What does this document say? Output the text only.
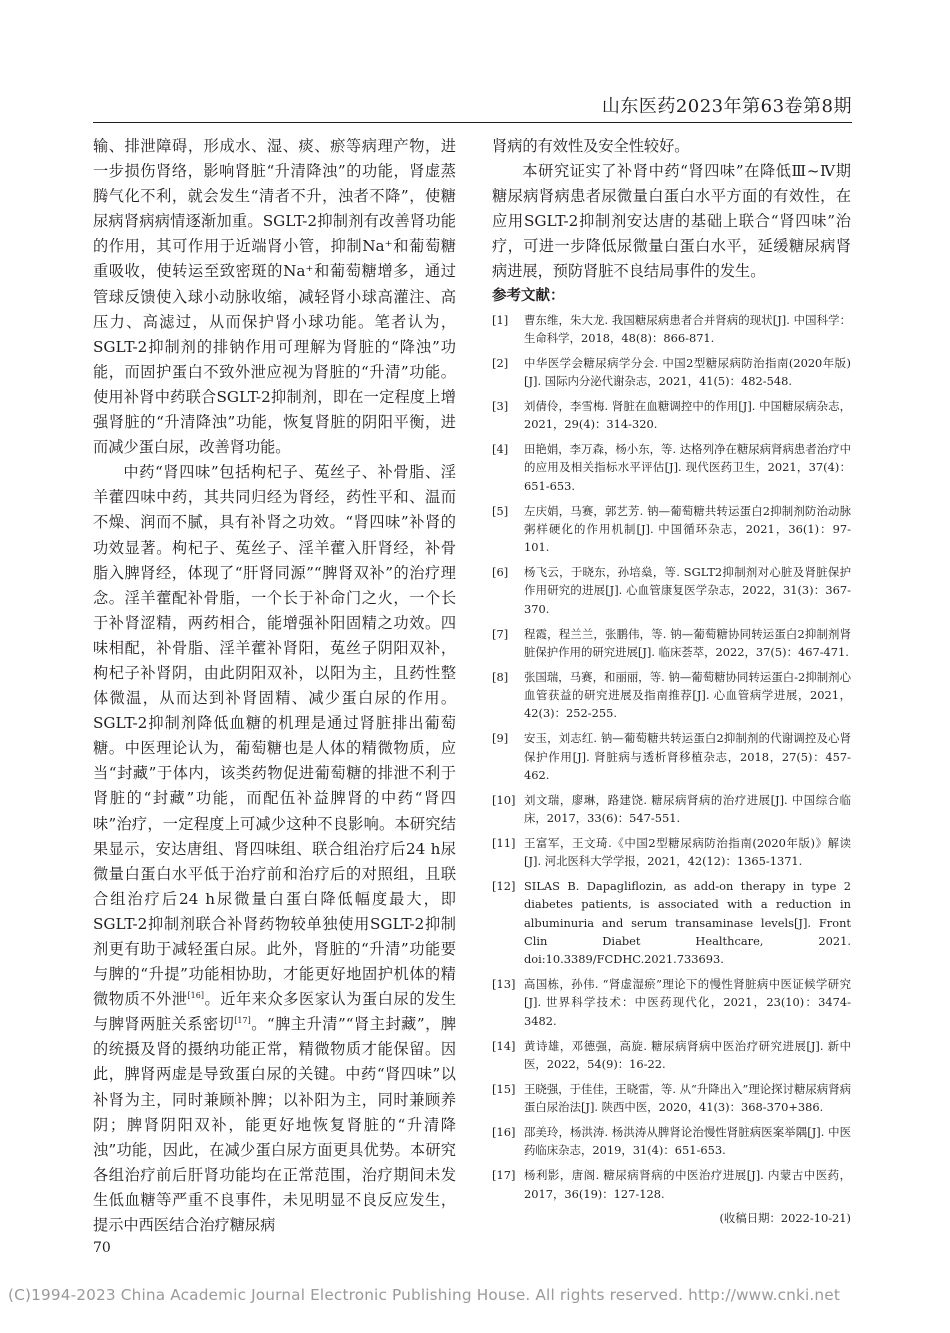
山东医药2023年第63卷第8期

输、排泄障碍，形成水、湿、痰、瘀等病理产物，进一步损伤肾络，影响肾脏“升清降浊”的功能，肾虚蒸腾气化不利，就会发生“清者不升，浊者不降”，使糖尿病肾病病情逐渐加重。SGLT-2抑制剂有改善肾功能的作用，其可作用于近端肾小管，抑制Na⁺和葡萄糖重吸收，使转运至致密斑的Na⁺和葡萄糖增多，通过管球反馈使入球小动脉收缩，减轻肾小球高灌注、高压力、高滤过，从而保护肾小球功能。笔者认为，SGLT-2抑制剂的排钠作用可理解为肾脏的“降浊”功能，而固护蛋白不致外泄应视为肾脏的“升清”功能。使用补肾中药联合SGLT-2抑制剂，即在一定程度上增强肾脏的“升清降浊”功能，恢复肾脏的阴阳平衡，进而减少蛋白尿，改善肾功能。

中药“肾四味”包括枸杞子、菟丝子、补骨脂、淫羊藿四味中药，其共同归经为肾经，药性平和、温而不燥、润而不腻，具有补肾之功效。“肾四味”补肾的功效显著。枸杞子、菟丝子、淫羊藿入肝肾经，补骨脂入脾肾经，体现了“肝肾同源”“脾肾双补”的治疗理念。淫羊藿配补骨脂，一个长于补命门之火，一个长于补肾涩精，两药相合，能增强补阳固精之功效。四味相配，补骨脂、淫羊藿补肾阳，菟丝子阴阳双补，枸杞子补肾阴，由此阴阳双补，以阳为主，且药性整体微温，从而达到补肾固精、减少蛋白尿的作用。SGLT-2抑制剂降低血糖的机理是通过肾脏排出葡萄糖。中医理论认为，葡萄糖也是人体的精微物质，应当“封藏”于体内，该类药物促进葡萄糖的排泄不利于肾脏的“封藏”功能，而配伍补益脾肾的中药“肾四味”治疗，一定程度上可减少这种不良影响。本研究结果显示，安达唐组、肾四味组、联合组治疗后24 h尿微量白蛋白水平低于治疗前和治疗后的对照组，且联合组治疗后24 h尿微量白蛋白降低幅度最大，即SGLT-2抑制剂联合补肾药物较单独使用SGLT-2抑制剂更有助于减轻蛋白尿。此外，肾脏的“升清”功能要与脾的“升提”功能相协助，才能更好地固护机体的精微物质不外泄[16]。近年来众多医家认为蛋白尿的发生与脾肾两脏关系密切[17]。“脾主升清”“肾主封藏”，脾的统摄及肾的摄纳功能正常，精微物质才能保留。因此，脾肾两虚是导致蛋白尿的关键。中药“肾四味”以补肾为主，同时兼顾补脾；以补阳为主，同时兼顾养阴；脾肾阴阳双补，能更好地恢复肾脏的“升清降浊”功能，因此，在减少蛋白尿方面更具优势。本研究各组治疗前后肝肾功能均在正常范围，治疗期间未发生低血糖等严重不良事件，未见明显不良反应发生，提示中西医结合治疗糖尿病

肾病的有效性及安全性较好。

本研究证实了补肾中药“肾四味”在降低Ⅲ~Ⅳ期糖尿病肾病患者尿微量白蛋白水平方面的有效性，在应用SGLT-2抑制剂安达唐的基础上联合“肾四味”治疗，可进一步降低尿微量白蛋白水平，延缓糖尿病肾病进展，预防肾脏不良结局事件的发生。

参考文献：

[1]	曹东维，朱大龙. 我国糖尿病患者合并肾病的现状[J]. 中国科学：生命科学，2018，48(8)：866-871.
[2]	中华医学会糖尿病学分会. 中国2型糖尿病防治指南(2020年版)[J]. 国际内分泌代谢杂志，2021，41(5)：482-548.
[3]	刘倩伶，李雪梅. 肾脏在血糖调控中的作用[J]. 中国糖尿病杂志，2021，29(4)：314-320.
[4]	田艳娟，李万森，杨小东，等. 达格列净在糖尿病肾病患者治疗中的应用及相关指标水平评估[J]. 现代医药卫生，2021，37(4)：651-653.
[5]	左庆娟，马赛，郭艺芳. 钠—葡萄糖共转运蛋白2抑制剂防治动脉粥样硬化的作用机制[J]. 中国循环杂志，2021，36(1)：97-101.
[6]	杨飞云，于晓东，孙培燊，等. SGLT2抑制剂对心脏及肾脏保护作用研究的进展[J]. 心血管康复医学杂志，2022，31(3)：367-370.
[7]	程霞，程兰兰，张鹏伟，等. 钠—葡萄糖协同转运蛋白2抑制剂肾脏保护作用的研究进展[J]. 临床荟萃，2022，37(5)：467-471.
[8]	张国瑞，马赛，和丽丽，等. 钠—葡萄糖协同转运蛋白-2抑制剂心血管获益的研究进展及指南推荐[J]. 心血管病学进展，2021，42(3)：252-255.
[9]	安玉，刘志红. 钠—葡萄糖共转运蛋白2抑制剂的代谢调控及心肾保护作用[J]. 肾脏病与透析肾移植杂志，2018，27(5)：457-462.
[10] 刘文瑞，廖琳，路建饶. 糖尿病肾病的治疗进展[J]. 中国综合临床，2017，33(6)：547-551.
[11] 王富军，王文琦.《中国2型糖尿病防治指南(2020年版)》解读[J]. 河北医科大学学报，2021，42(12)：1365-1371.
[12] SILAS B. Dapagliflozin, as add-on therapy in type 2 diabetes patients, is associated with a reduction in albuminuria and serum transaminase levels[J]. Front Clin Diabet Healthcare, 2021. doi:10.3389/FCDHC.2021.733693.
[13] 高国栋，孙伟. “肾虚湿瘀”理论下的慢性肾脏病中医证候学研究[J]. 世界科学技术：中医药现代化，2021，23(10)：3474-3482.
[14] 黄诗雄，邓德强，高旋. 糖尿病肾病中医治疗研究进展[J]. 新中医，2022，54(9)：16-22.
[15] 王晓强，于佳佳，王晓雷，等. 从“升降出入”理论探讨糖尿病肾病蛋白尿治法[J]. 陕西中医，2020，41(3)：368-370+386.
[16] 邵美玲，杨洪涛. 杨洪涛从脾肾论治慢性肾脏病医案举隅[J]. 中医药临床杂志，2019，31(4)：651-653.
[17] 杨利影，唐阁. 糖尿病肾病的中医治疗进展[J]. 内蒙古中医药，2017，36(19)：127-128.
(收稿日期：2022-10-21)
70
(C)1994-2023 China Academic Journal Electronic Publishing House. All rights reserved. http://www.cnki.net
